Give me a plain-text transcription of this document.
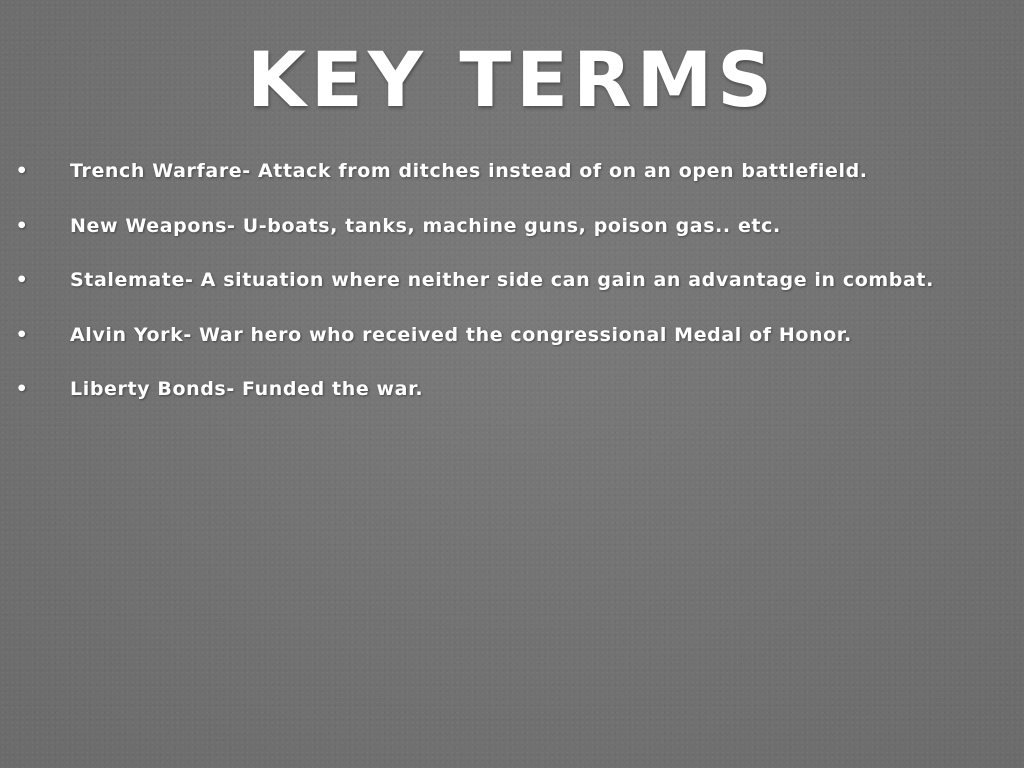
KEY TERMS
• Trench Warfare- Attack from ditches instead of on an open battlefield.
• New Weapons- U-boats, tanks, machine guns, poison gas.. etc.
• Stalemate- A situation where neither side can gain an advantage in combat.
• Alvin York- War hero who received the congressional Medal of Honor.
• Liberty Bonds- Funded the war.
